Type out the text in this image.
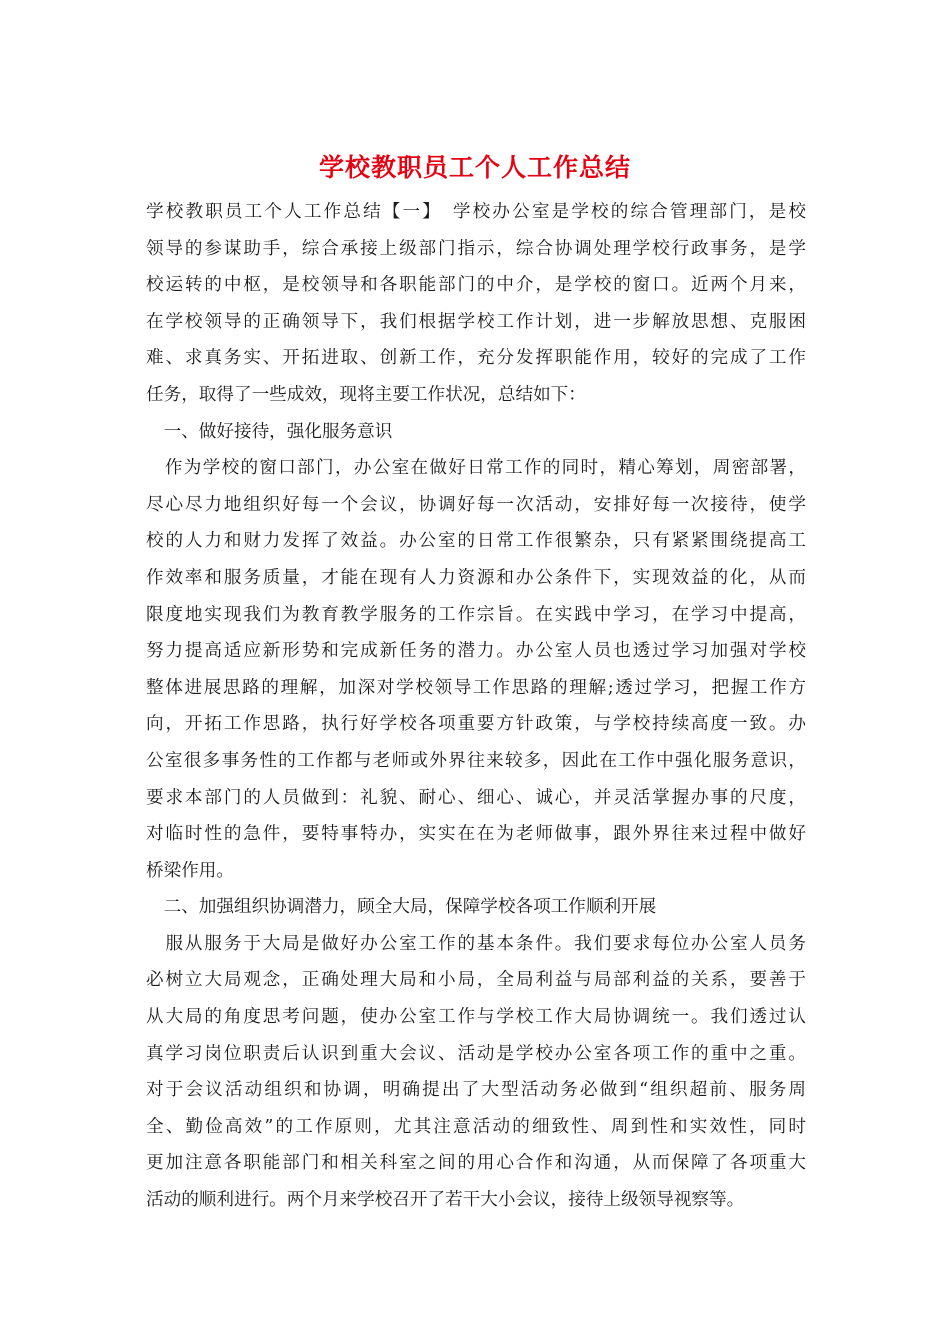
学校教职员工个人工作总结
学校教职员工个人工作总结【一】　学校办公室是学校的综合管理部门，是校
领导的参谋助手，综合承接上级部门指示，综合协调处理学校行政事务，是学
校运转的中枢，是校领导和各职能部门的中介，是学校的窗口。近两个月来，
在学校领导的正确领导下，我们根据学校工作计划，进一步解放思想、克服困
难、求真务实、开拓进取、创新工作，充分发挥职能作用，较好的完成了工作
任务，取得了一些成效，现将主要工作状况，总结如下：
　一、做好接待，强化服务意识
　作为学校的窗口部门，办公室在做好日常工作的同时，精心筹划，周密部署，
尽心尽力地组织好每一个会议，协调好每一次活动，安排好每一次接待，使学
校的人力和财力发挥了效益。办公室的日常工作很繁杂，只有紧紧围绕提高工
作效率和服务质量，才能在现有人力资源和办公条件下，实现效益的化，从而
限度地实现我们为教育教学服务的工作宗旨。在实践中学习，在学习中提高，
努力提高适应新形势和完成新任务的潜力。办公室人员也透过学习加强对学校
整体进展思路的理解，加深对学校领导工作思路的理解;透过学习，把握工作方
向，开拓工作思路，执行好学校各项重要方针政策，与学校持续高度一致。办
公室很多事务性的工作都与老师或外界往来较多，因此在工作中强化服务意识，
要求本部门的人员做到：礼貌、耐心、细心、诚心，并灵活掌握办事的尺度，
对临时性的急件，要特事特办，实实在在为老师做事，跟外界往来过程中做好
桥梁作用。
　二、加强组织协调潜力，顾全大局，保障学校各项工作顺利开展
　服从服务于大局是做好办公室工作的基本条件。我们要求每位办公室人员务
必树立大局观念，正确处理大局和小局，全局利益与局部利益的关系，要善于
从大局的角度思考问题，使办公室工作与学校工作大局协调统一。我们透过认
真学习岗位职责后认识到重大会议、活动是学校办公室各项工作的重中之重。
对于会议活动组织和协调，明确提出了大型活动务必做到“组织超前、服务周
全、勤俭高效”的工作原则，尤其注意活动的细致性、周到性和实效性，同时
更加注意各职能部门和相关科室之间的用心合作和沟通，从而保障了各项重大
活动的顺利进行。两个月来学校召开了若干大小会议，接待上级领导视察等。
